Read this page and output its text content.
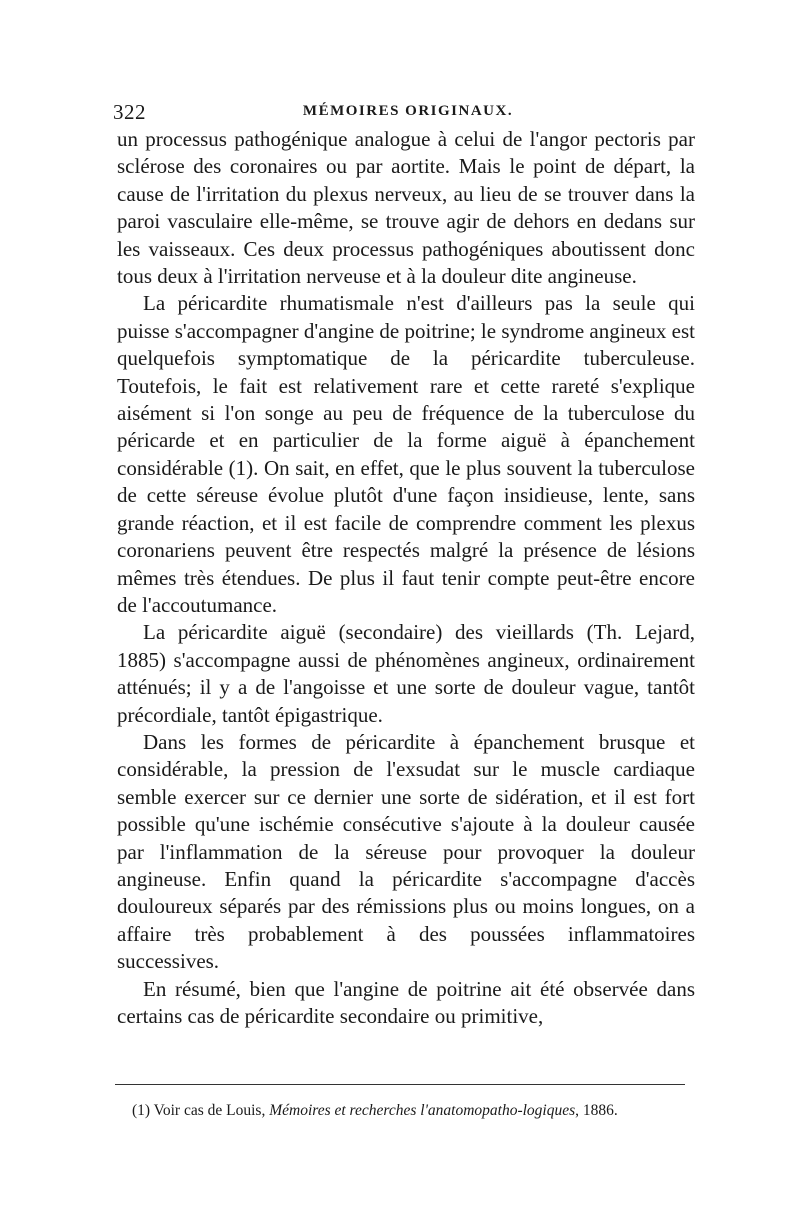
322	MÉMOIRES ORIGINAUX.

un processus pathogénique analogue à celui de l'angor pectoris par sclérose des coronaires ou par aortite. Mais le point de départ, la cause de l'irritation du plexus nerveux, au lieu de se trouver dans la paroi vasculaire elle-même, se trouve agir de dehors en dedans sur les vaisseaux. Ces deux processus pathogéniques aboutissent donc tous deux à l'irritation nerveuse et à la douleur dite angineuse.

La péricardite rhumatismale n'est d'ailleurs pas la seule qui puisse s'accompagner d'angine de poitrine; le syndrome angineux est quelquefois symptomatique de la péricardite tuberculeuse. Toutefois, le fait est relativement rare et cette rareté s'explique aisément si l'on songe au peu de fréquence de la tuberculose du péricarde et en particulier de la forme aiguë à épanchement considérable (1). On sait, en effet, que le plus souvent la tuberculose de cette séreuse évolue plutôt d'une façon insidieuse, lente, sans grande réaction, et il est facile de comprendre comment les plexus coronariens peuvent être respectés malgré la présence de lésions mêmes très étendues. De plus il faut tenir compte peut-être encore de l'accoutumance.

La péricardite aiguë (secondaire) des vieillards (Th. Lejard, 1885) s'accompagne aussi de phénomènes angineux, ordinairement atténués; il y a de l'angoisse et une sorte de douleur vague, tantôt précordiale, tantôt épigastrique.

Dans les formes de péricardite à épanchement brusque et considérable, la pression de l'exsudat sur le muscle cardiaque semble exercer sur ce dernier une sorte de sidération, et il est fort possible qu'une ischémie consécutive s'ajoute à la douleur causée par l'inflammation de la séreuse pour provoquer la douleur angineuse. Enfin quand la péricardite s'accompagne d'accès douloureux séparés par des rémissions plus ou moins longues, on a affaire très probablement à des poussées inflammatoires successives.

En résumé, bien que l'angine de poitrine ait été observée dans certains cas de péricardite secondaire ou primitive,

(1) Voir cas de Louis, Mémoires et recherches l'anatomopatho-logiques, 1886.
